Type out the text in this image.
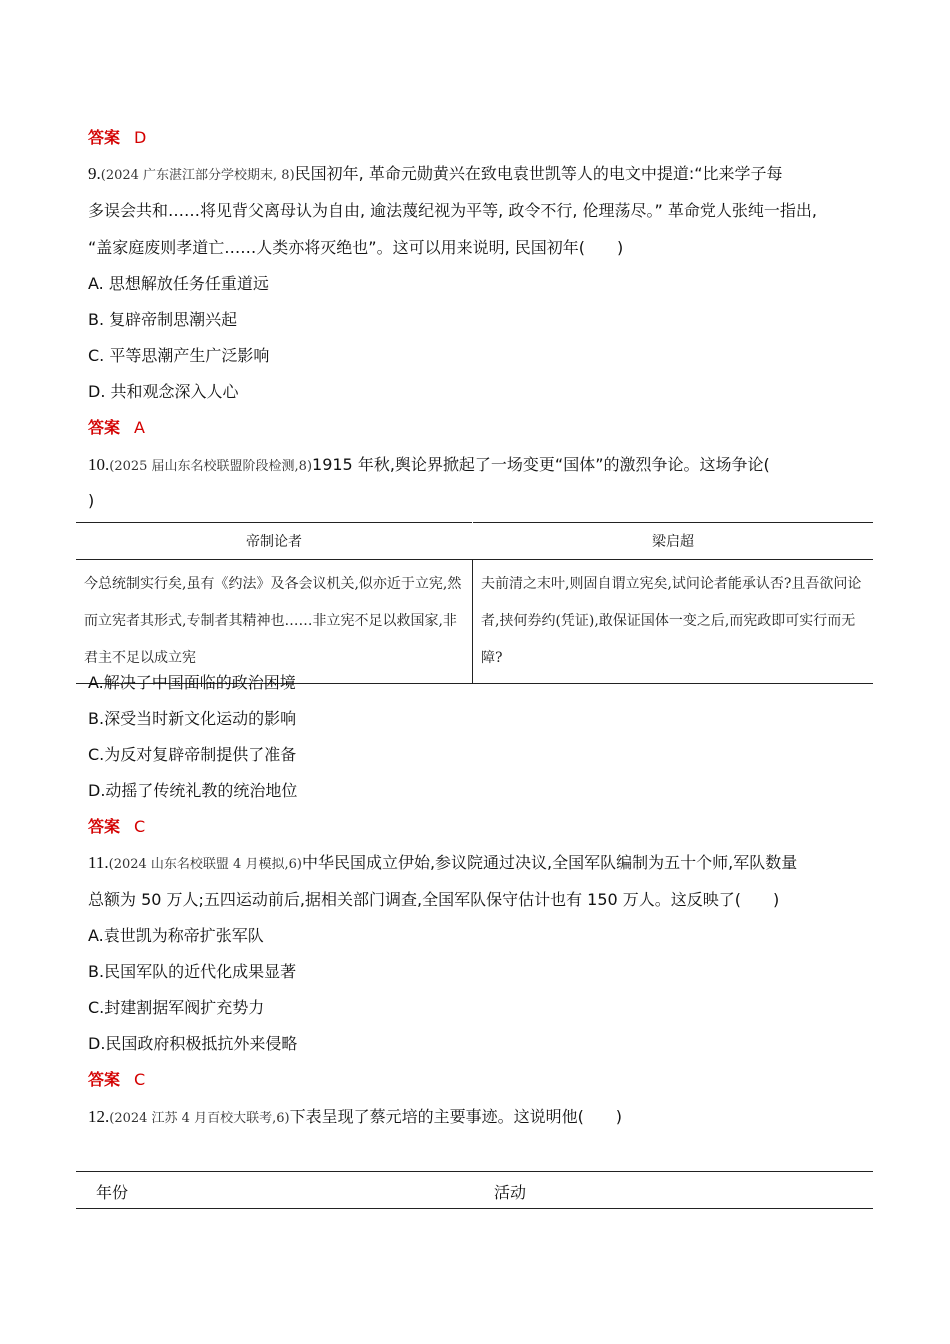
答案 D
9.(2024 广东湛江部分学校期末, 8)民国初年, 革命元勋黄兴在致电袁世凯等人的电文中提道:“比来学子每
多误会共和……将见背父离母认为自由, 逾法蔑纪视为平等, 政令不行, 伦理荡尽。” 革命党人张纯一指出,
“盖家庭废则孝道亡……人类亦将灭绝也”。这可以用来说明, 民国初年(　　)
A. 思想解放任务任重道远
B. 复辟帝制思潮兴起
C. 平等思潮产生广泛影响
D. 共和观念深入人心
答案 A
10.(2025 届山东名校联盟阶段检测,8)1915 年秋,舆论界掀起了一场变更“国体”的激烈争论。这场争论(
)
帝制论者	梁启超
今总统制实行矣,虽有《约法》及各会议机关,似亦近于立宪,然而立宪者其形式,专制者其精神也……非立宪不足以救国家,非君主不足以成立宪	夫前清之末叶,则固自谓立宪矣,试问论者能承认否?且吾欲问论者,挟何券约(凭证),敢保证国体一变之后,而宪政即可实行而无障?
A.解决了中国面临的政治困境
B.深受当时新文化运动的影响
C.为反对复辟帝制提供了准备
D.动摇了传统礼教的统治地位
答案 C
11.(2024 山东名校联盟 4 月模拟,6)中华民国成立伊始,参议院通过决议,全国军队编制为五十个师,军队数量
总额为 50 万人;五四运动前后,据相关部门调查,全国军队保守估计也有 150 万人。这反映了(　　)
A.袁世凯为称帝扩张军队
B.民国军队的近代化成果显著
C.封建割据军阀扩充势力
D.民国政府积极抵抗外来侵略
答案 C
12.(2024 江苏 4 月百校大联考,6)下表呈现了蔡元培的主要事迹。这说明他(　　)
年份	活动
